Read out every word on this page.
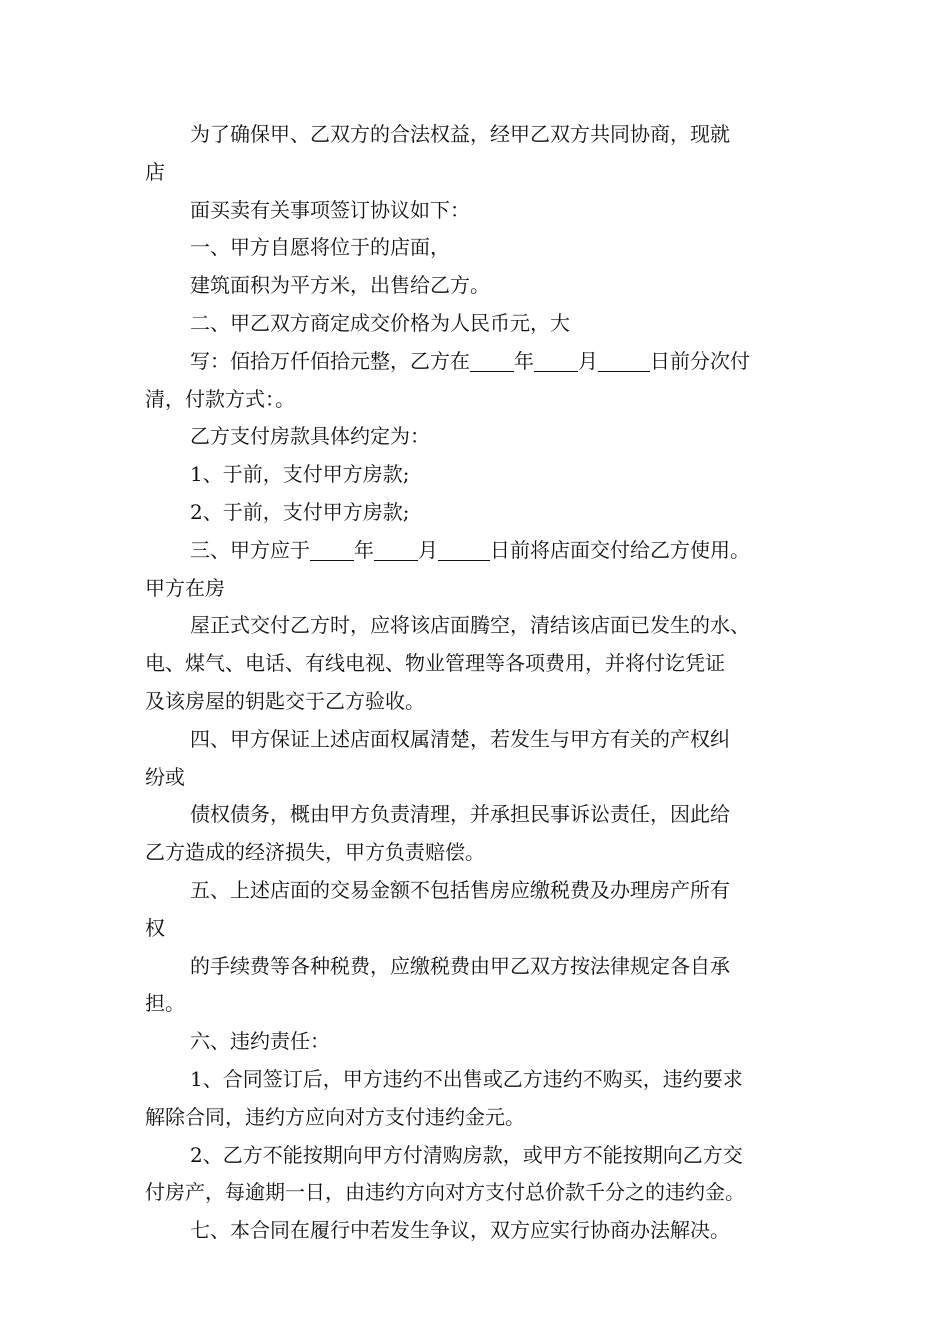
为了确保甲、乙双方的合法权益，经甲乙双方共同协商，现就
店
面买卖有关事项签订协议如下：
一、甲方自愿将位于的店面，
建筑面积为平方米，出售给乙方。
二、甲乙双方商定成交价格为人民币元，大
写：佰拾万仟佰拾元整，乙方在 年 月	日前分次付
清，付款方式：。
乙方支付房款具体约定为：
1、于前，支付甲方房款;
2、于前，支付甲方房款;
三、甲方应于 年 月	日前将店面交付给乙方使用。
甲方在房
屋正式交付乙方时，应将该店面腾空，清结该店面已发生的水、
电、煤气、电话、有线电视、物业管理等各项费用，并将付讫凭证
及该房屋的钥匙交于乙方验收。
四、甲方保证上述店面权属清楚，若发生与甲方有关的产权纠
纷或
债权债务，概由甲方负责清理，并承担民事诉讼责任，因此给
乙方造成的经济损失，甲方负责赔偿。
五、上述店面的交易金额不包括售房应缴税费及办理房产所有
权
的手续费等各种税费，应缴税费由甲乙双方按法律规定各自承
担。
六、违约责任：
1、合同签订后，甲方违约不出售或乙方违约不购买，违约要求
解除合同，违约方应向对方支付违约金元。
2、乙方不能按期向甲方付清购房款，或甲方不能按期向乙方交
付房产，每逾期一日，由违约方向对方支付总价款千分之的违约金。
七、本合同在履行中若发生争议，双方应实行协商办法解决。
